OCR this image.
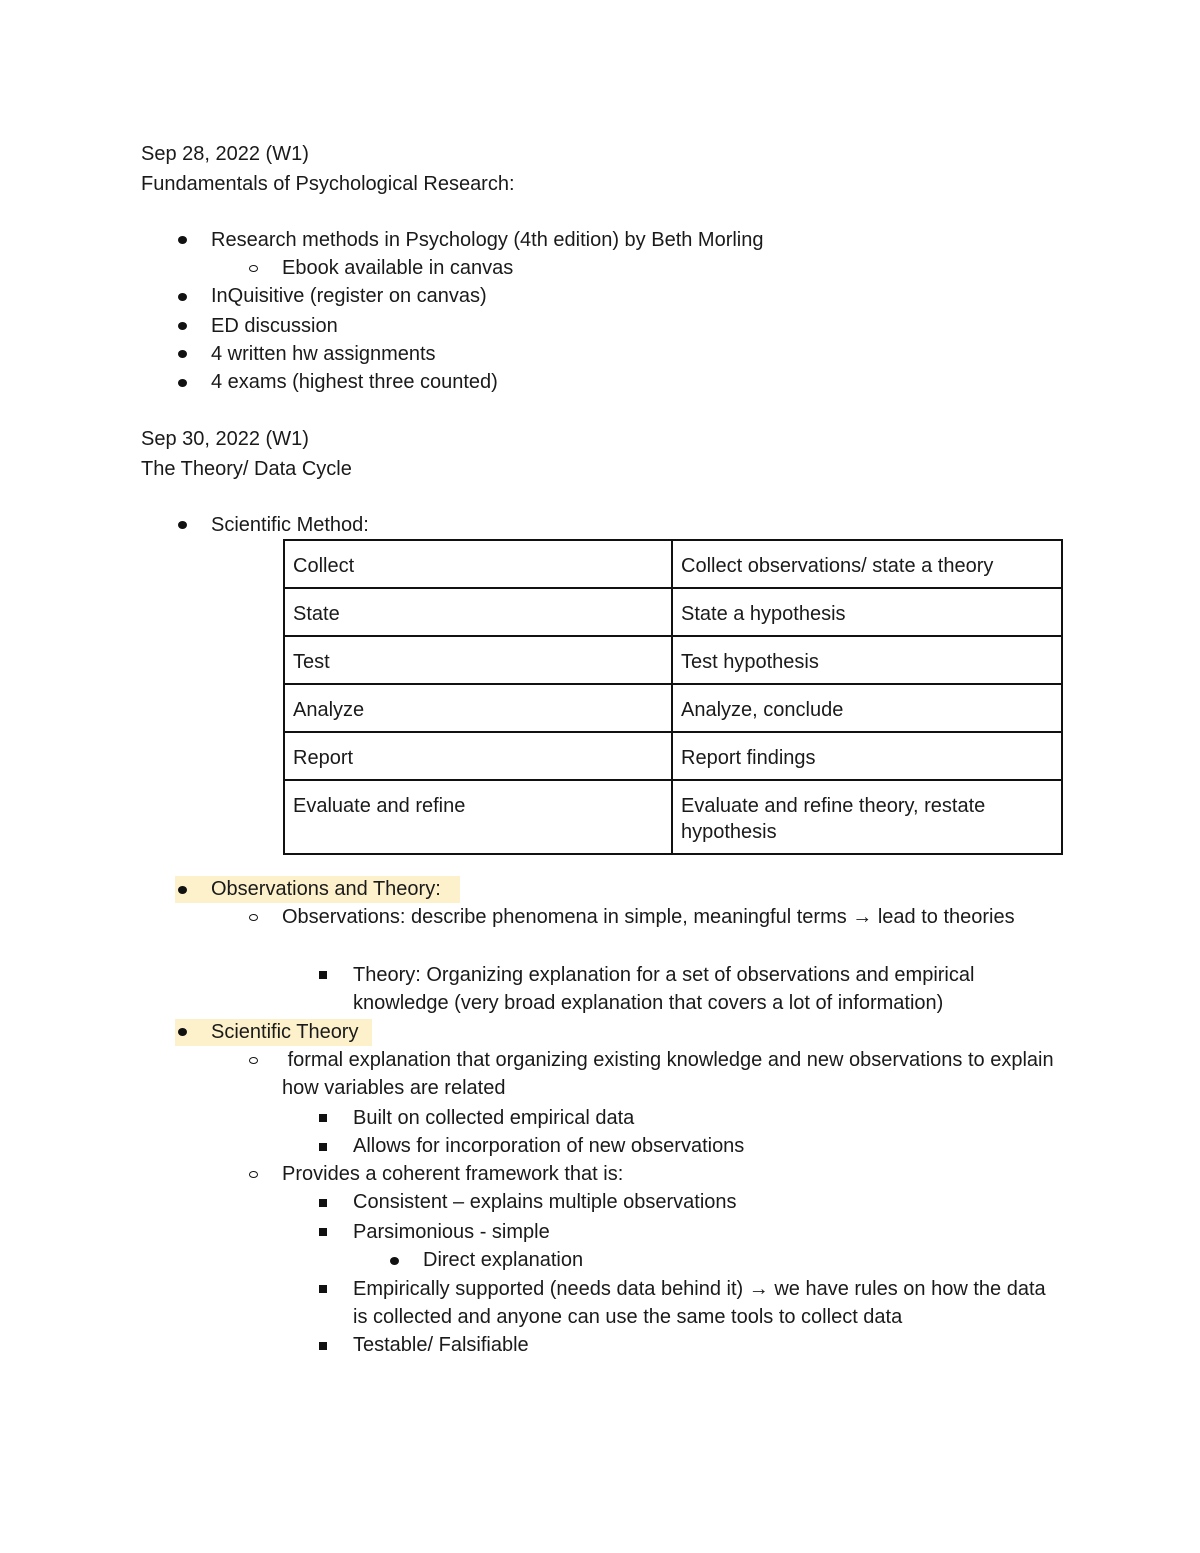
Sep 28, 2022 (W1)
Fundamentals of Psychological Research:
Research methods in Psychology (4th edition) by Beth Morling
Ebook available in canvas
InQuisitive (register on canvas)
ED discussion
4 written hw assignments
4 exams (highest three counted)
Sep 30, 2022 (W1)
The Theory/ Data Cycle
Scientific Method:
Collect	Collect observations/ state a theory
State	State a hypothesis
Test	Test hypothesis
Analyze	Analyze, conclude
Report	Report findings
Evaluate and refine	Evaluate and refine theory, restate hypothesis
Observations and Theory:
Observations: describe phenomena in simple, meaningful terms → lead to theories
Theory: Organizing explanation for a set of observations and empirical knowledge (very broad explanation that covers a lot of information)
Scientific Theory
formal explanation that organizing existing knowledge and new observations to explain how variables are related
Built on collected empirical data
Allows for incorporation of new observations
Provides a coherent framework that is:
Consistent – explains multiple observations
Parsimonious - simple
Direct explanation
Empirically supported (needs data behind it) → we have rules on how the data is collected and anyone can use the same tools to collect data
Testable/ Falsifiable
